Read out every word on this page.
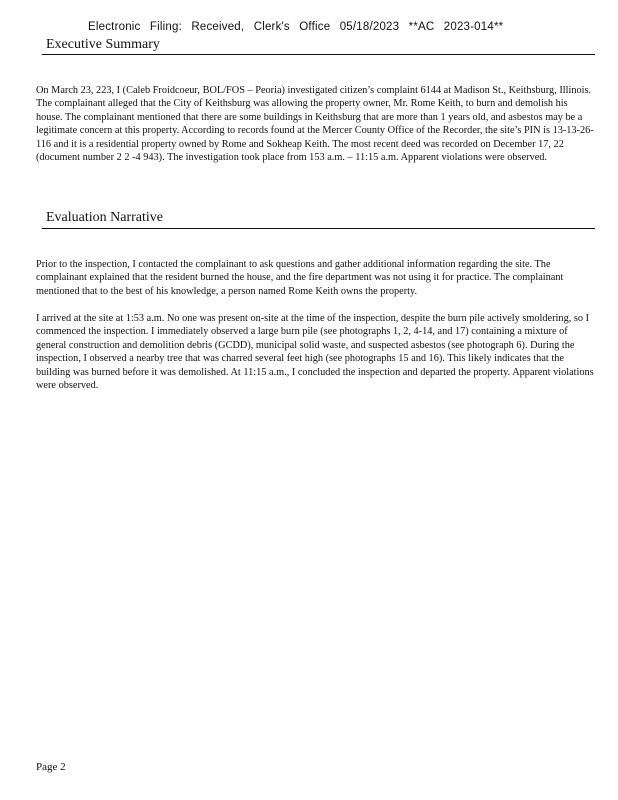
Electronic Filing: Received, Clerk's Office 05/18/2023 **AC 2023-014**
Executive Summary

On March 23, 223, I (Caleb Froidcoeur, BOL/FOS – Peoria) investigated citizen’s complaint 6144 at Madison St., Keithsburg, Illinois. The complainant alleged that the City of Keithsburg was allowing the property owner, Mr. Rome Keith, to burn and demolish his house. The complainant mentioned that there are some buildings in Keithsburg that are more than 1 years old, and asbestos may be a legitimate concern at this property. According to records found at the Mercer County Office of the Recorder, the site’s PIN is 13-13-26-116 and it is a residential property owned by Rome and Sokheap Keith. The most recent deed was recorded on December 17, 22 (document number 2 2 -4 943). The investigation took place from 153 a.m. – 11:15 a.m. Apparent violations were observed.

Evaluation Narrative

Prior to the inspection, I contacted the complainant to ask questions and gather additional information regarding the site. The complainant explained that the resident burned the house, and the fire department was not using it for practice. The complainant mentioned that to the best of his knowledge, a person named Rome Keith owns the property.

I arrived at the site at 1:53 a.m. No one was present on-site at the time of the inspection, despite the burn pile actively smoldering, so I commenced the inspection. I immediately observed a large burn pile (see photographs 1, 2, 4-14, and 17) containing a mixture of general construction and demolition debris (GCDD), municipal solid waste, and suspected asbestos (see photograph 6). During the inspection, I observed a nearby tree that was charred several feet high (see photographs 15 and 16). This likely indicates that the building was burned before it was demolished. At 11:15 a.m., I concluded the inspection and departed the property. Apparent violations were observed.

Page 2
